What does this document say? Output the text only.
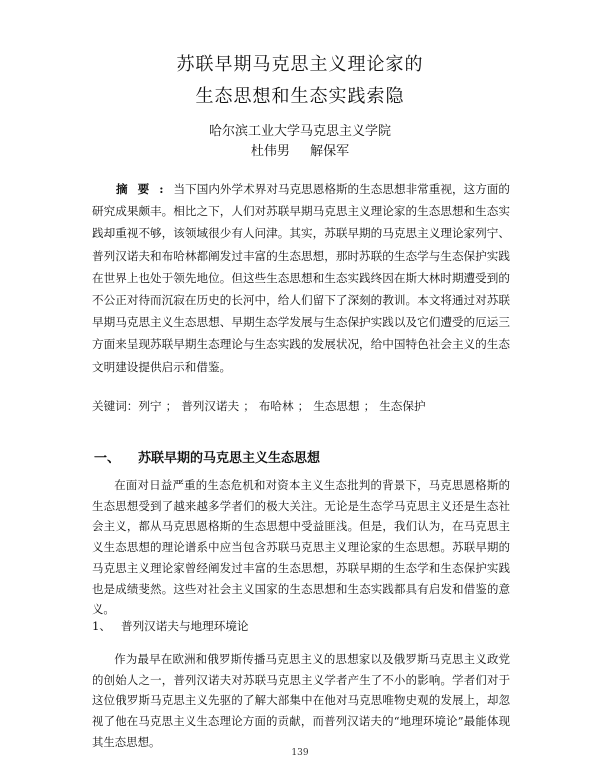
苏联早期马克思主义理论家的
生态思想和生态实践索隐
哈尔滨工业大学马克思主义学院
杜伟男 解保军
摘要:当下国内外学术界对马克思恩格斯的生态思想非常重视，这方面的研究成果颇丰。相比之下，人们对苏联早期马克思主义理论家的生态思想和生态实践却重视不够，该领域很少有人问津。其实，苏联早期的马克思主义理论家列宁、普列汉诺夫和布哈林都阐发过丰富的生态思想，那时苏联的生态学与生态保护实践在世界上也处于领先地位。但这些生态思想和生态实践终因在斯大林时期遭受到的不公正对待而沉寂在历史的长河中，给人们留下了深刻的教训。本文将通过对苏联早期马克思主义生态思想、早期生态学发展与生态保护实践以及它们遭受的厄运三方面来呈现苏联早期生态理论与生态实践的发展状况，给中国特色社会主义的生态文明建设提供启示和借鉴。
关键词：列宁 ； 普列汉诺夫 ； 布哈林 ； 生态思想 ； 生态保护
一、 苏联早期的马克思主义生态思想
在面对日益严重的生态危机和对资本主义生态批判的背景下，马克思恩格斯的生态思想受到了越来越多学者们的极大关注。无论是生态学马克思主义还是生态社会主义，都从马克思恩格斯的生态思想中受益匪浅。但是，我们认为，在马克思主义生态思想的理论谱系中应当包含苏联马克思主义理论家的生态思想。苏联早期的马克思主义理论家曾经阐发过丰富的生态思想，苏联早期的生态学和生态保护实践也是成绩斐然。这些对社会主义国家的生态思想和生态实践都具有启发和借鉴的意义。
1、 普列汉诺夫与地理环境论
作为最早在欧洲和俄罗斯传播马克思主义的思想家以及俄罗斯马克思主义政党的创始人之一，普列汉诺夫对苏联马克思主义学者产生了不小的影响。学者们对于这位俄罗斯马克思主义先驱的了解大部集中在他对马克思唯物史观的发展上，却忽视了他在马克思主义生态理论方面的贡献，而普列汉诺夫的“地理环境论”最能体现其生态思想。
139
